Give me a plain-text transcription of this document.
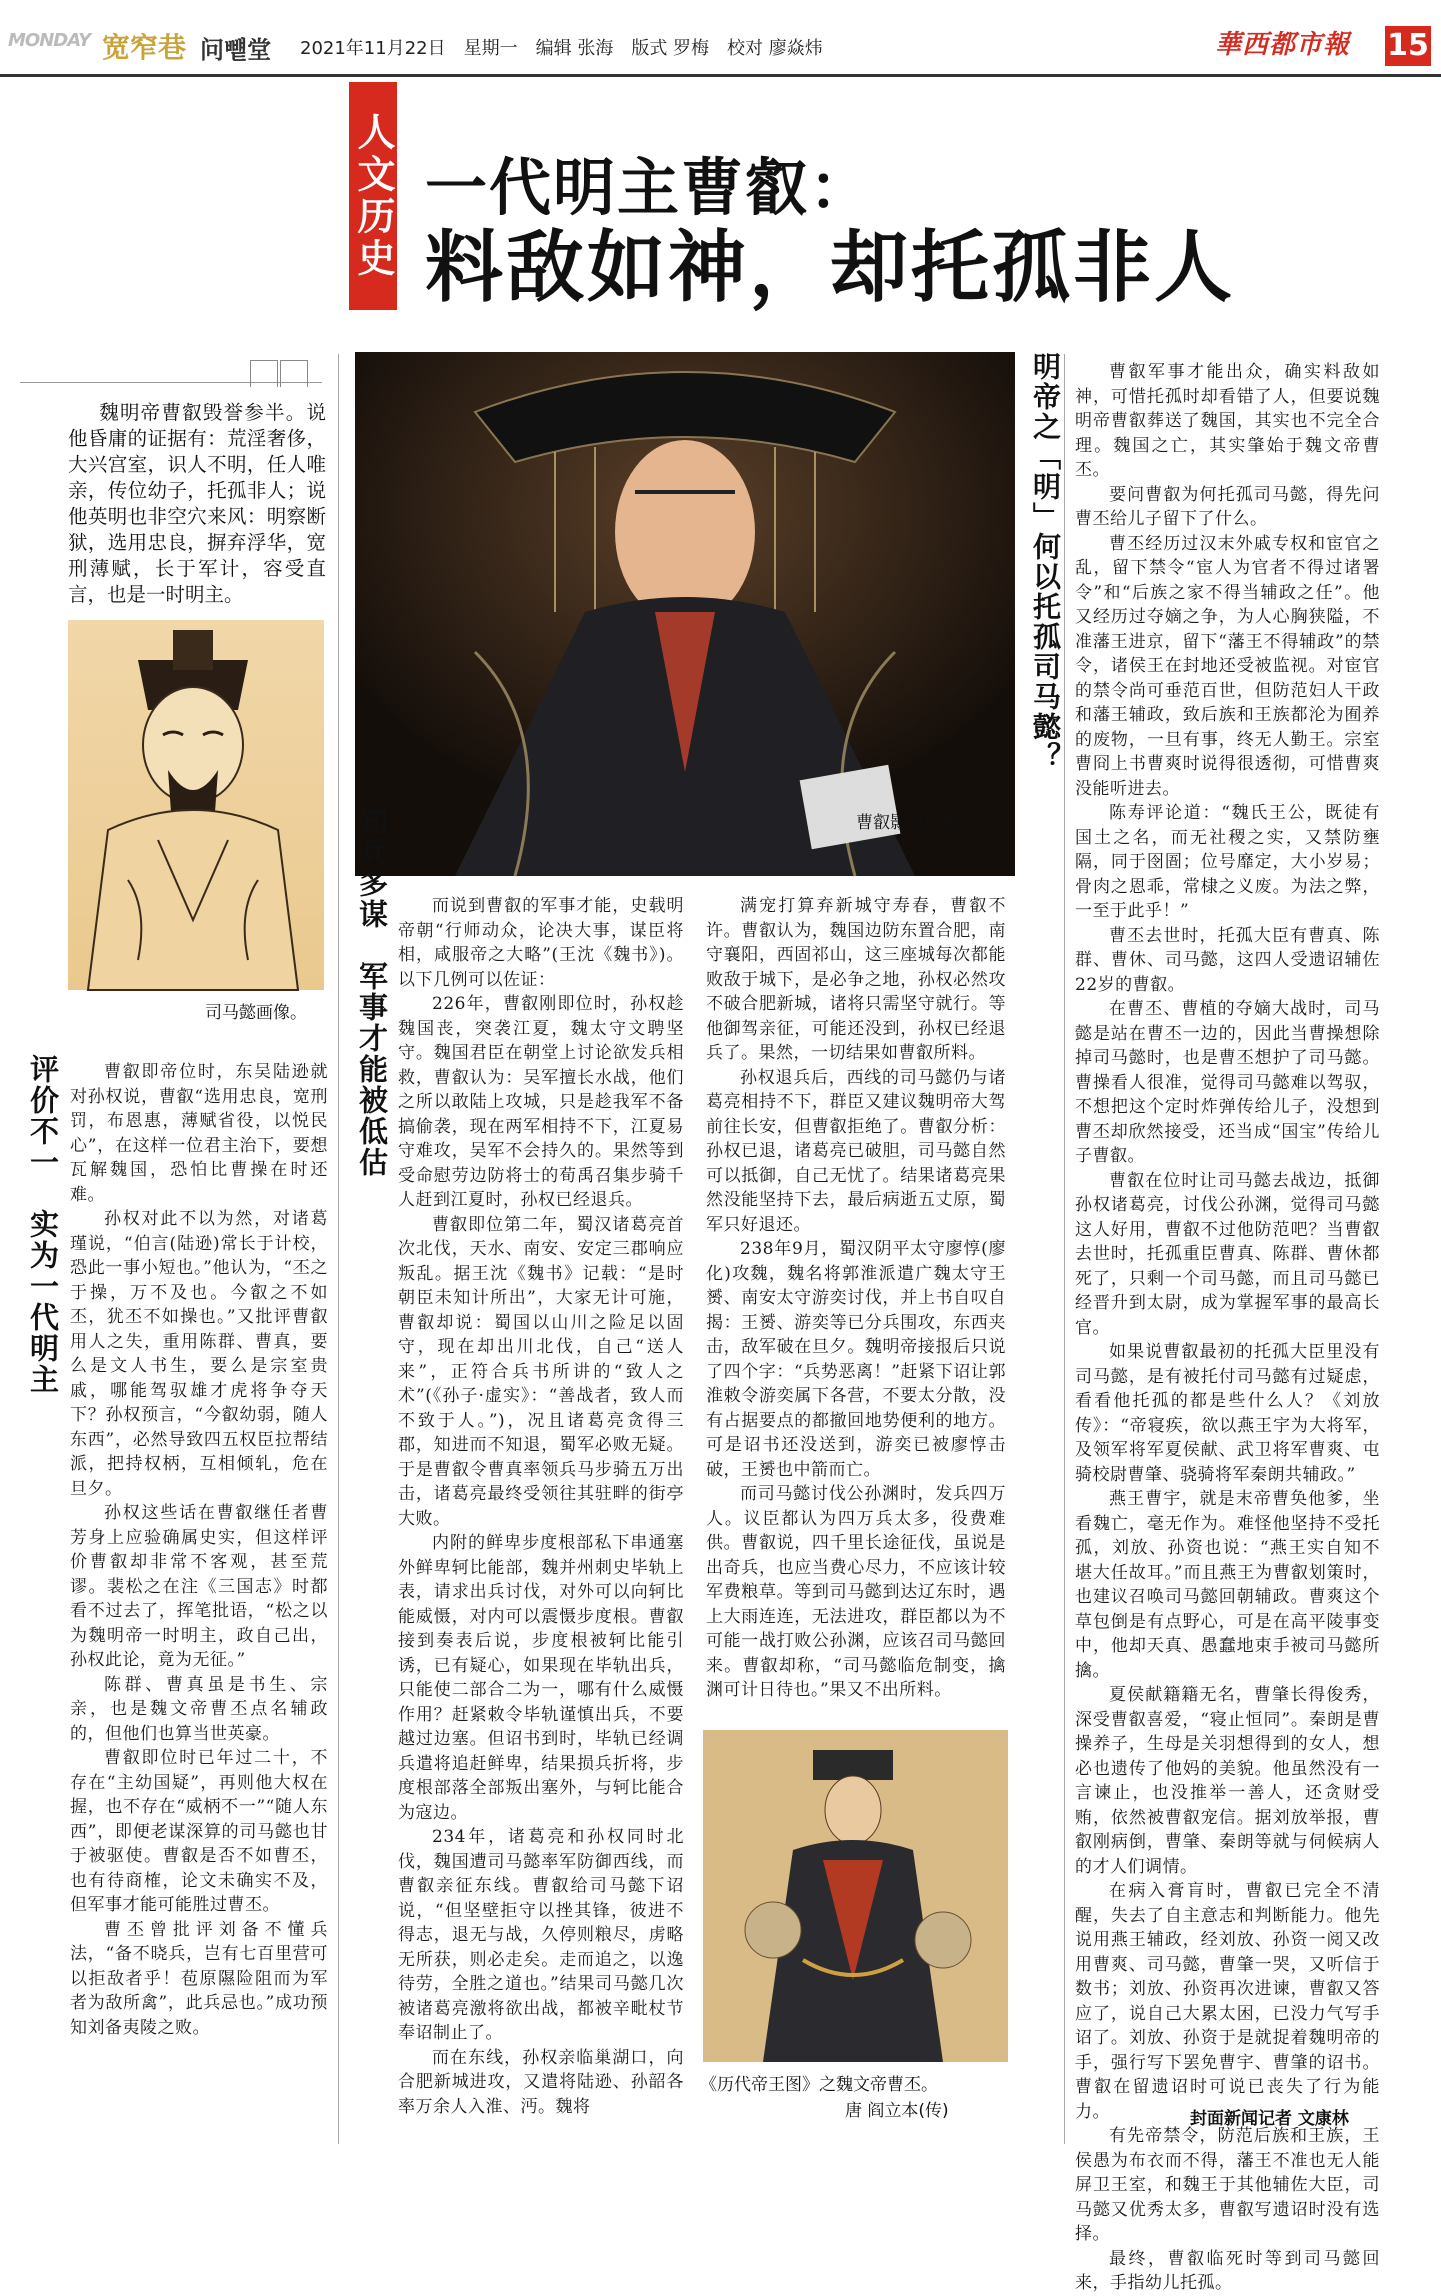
MONDAY 宽窄巷 问뻍堂 2021年11月22日　星期一　编辑 张海　版式 罗梅　校对 廖焱炜	華西都市報	15
人文历史 一代明主曹叡：
料敌如神，却托孤非人
魏明帝曹叡毁誉参半。说他昏庸的证据有：荒淫奢侈，大兴宫室，识人不明，任人唯亲，传位幼子，托孤非人；说他英明也非空穴来风：明察断狱，选用忠良，摒弃浮华，宽刑薄赋，长于军计，容受直言，也是一时明主。
司马懿画像。
曹叡影视形象。
评价不一　实为一代明主
知兵多谋　军事才能被低估
明帝之「明」何以托孤司马懿？

曹叡即帝位时，东吴陆逊就对孙权说，曹叡“选用忠良，宽刑罚，布恩惠，薄赋省役，以悦民心”，在这样一位君主治下，要想瓦解魏国，恐怕比曹操在时还难。

孙权对此不以为然，对诸葛瑾说，“伯言(陆逊)常长于计校，恐此一事小短也。”他认为，“丕之于操，万不及也。今叡之不如丕，犹丕不如操也。”又批评曹叡用人之失，重用陈群、曹真，要么是文人书生，要么是宗室贵戚，哪能驾驭雄才虎将争夺天下？孙权预言，“今叡幼弱，随人东西”，必然导致四五权臣拉帮结派，把持权柄，互相倾轧，危在旦夕。

孙权这些话在曹叡继任者曹芳身上应验确属史实，但这样评价曹叡却非常不客观，甚至荒谬。裴松之在注《三国志》时都看不过去了，挥笔批语，“松之以为魏明帝一时明主，政自己出，孙权此论，竟为无征。”

陈群、曹真虽是书生、宗亲，也是魏文帝曹丕点名辅政的，但他们也算当世英豪。

曹叡即位时已年过二十，不存在“主幼国疑”，再则他大权在握，也不存在“威柄不一”“随人东西”，即便老谋深算的司马懿也甘于被驱使。曹叡是否不如曹丕，也有待商榷，论文未确实不及，但军事才能可能胜过曹丕。

曹丕曾批评刘备不懂兵法，“备不晓兵，岂有七百里营可以拒敌者乎！苞原隰险阻而为军者为敌所禽”，此兵忌也。”成功预知刘备夷陵之败。

而说到曹叡的军事才能，史载明帝朝“行师动众，论决大事，谋臣将相，咸服帝之大略”(王沈《魏书》)。以下几例可以佐证：

226年，曹叡刚即位时，孙权趁魏国丧，突袭江夏，魏太守文聘坚守。魏国君臣在朝堂上讨论欲发兵相救，曹叡认为：吴军擅长水战，他们之所以敢陆上攻城，只是趁我军不备搞偷袭，现在两军相持不下，江夏易守难攻，吴军不会持久的。果然等到受命慰劳边防将士的荀禹召集步骑千人赶到江夏时，孙权已经退兵。

曹叡即位第二年，蜀汉诸葛亮首次北伐，天水、南安、安定三郡响应叛乱。据王沈《魏书》记载：“是时朝臣未知计所出”，大家无计可施，曹叡却说：蜀国以山川之险足以固守，现在却出川北伐，自己“送人来”，正符合兵书所讲的“致人之术”(《孙子·虚实》：“善战者，致人而不致于人。”)，况且诸葛亮贪得三郡，知进而不知退，蜀军必败无疑。于是曹叡令曹真率领兵马步骑五万出击，诸葛亮最终受领往其驻畔的街亭大败。

内附的鲜卑步度根部私下串通塞外鲜卑轲比能部，魏并州刺史毕轨上表，请求出兵讨伐，对外可以向轲比能威慑，对内可以震慑步度根。曹叡接到奏表后说，步度根被轲比能引诱，已有疑心，如果现在毕轨出兵，只能使二部合二为一，哪有什么威慑作用？赶紧敕令毕轨谨慎出兵，不要越过边塞。但诏书到时，毕轨已经调兵遣将追赶鲜卑，结果损兵折将，步度根部落全部叛出塞外，与轲比能合为寇边。

234年，诸葛亮和孙权同时北伐，魏国遭司马懿率军防御西线，而曹叡亲征东线。曹叡给司马懿下诏说，“但坚壁拒守以挫其锋，彼进不得志，退无与战，久停则粮尽，虏略无所获，则必走矣。走而追之，以逸待劳，全胜之道也。”结果司马懿几次被诸葛亮激将欲出战，都被辛毗杖节奉诏制止了。

而在东线，孙权亲临巢湖口，向合肥新城进攻，又遣将陆逊、孙韶各率万余人入淮、沔。魏将

满宠打算弃新城守寿春，曹叡不许。曹叡认为，魏国边防东置合肥，南守襄阳，西固祁山，这三座城每次都能败敌于城下，是必争之地，孙权必然攻不破合肥新城，诸将只需坚守就行。等他御驾亲征，可能还没到，孙权已经退兵了。果然，一切结果如曹叡所料。

孙权退兵后，西线的司马懿仍与诸葛亮相持不下，群臣又建议魏明帝大驾前往长安，但曹叡拒绝了。曹叡分析：孙权已退，诸葛亮已破胆，司马懿自然可以抵御，自己无忧了。结果诸葛亮果然没能坚持下去，最后病逝五丈原，蜀军只好退还。

238年9月，蜀汉阴平太守廖惇(廖化)攻魏，魏名将郭淮派遣广魏太守王赟、南安太守游奕讨伐，并上书自叹自揭：王赟、游奕等已分兵围攻，东西夹击，敌军破在旦夕。魏明帝接报后只说了四个字：“兵势恶离！”赶紧下诏让郭淮敕令游奕属下各营，不要太分散，没有占据要点的都撤回地势便利的地方。可是诏书还没送到，游奕已被廖惇击破，王赟也中箭而亡。

而司马懿讨伐公孙渊时，发兵四万人。议臣都认为四万兵太多，役费难供。曹叡说，四千里长途征伐，虽说是出奇兵，也应当费心尽力，不应该计较军费粮草。等到司马懿到达辽东时，遇上大雨连连，无法进攻，群臣都以为不可能一战打败公孙渊，应该召司马懿回来。曹叡却称，“司马懿临危制变，擒渊可计日待也。”果又不出所料。

《历代帝王图》之魏文帝曹丕。
唐 阎立本(传)

曹叡军事才能出众，确实料敌如神，可惜托孤时却看错了人，但要说魏明帝曹叡葬送了魏国，其实也不完全合理。魏国之亡，其实肇始于魏文帝曹丕。

要问曹叡为何托孤司马懿，得先问曹丕给儿子留下了什么。

曹丕经历过汉末外戚专权和宦官之乱，留下禁令“宦人为官者不得过诸署令”和“后族之家不得当辅政之任”。他又经历过夺嫡之争，为人心胸狭隘，不准藩王进京，留下“藩王不得辅政”的禁令，诸侯王在封地还受被监视。对宦官的禁令尚可垂范百世，但防范妇人干政和藩王辅政，致后族和王族都沦为囿养的废物，一旦有事，终无人勤王。宗室曹冏上书曹爽时说得很透彻，可惜曹爽没能听进去。

陈寿评论道：“魏氏王公，既徒有国土之名，而无社稷之实，又禁防壅隔，同于囹圄；位号靡定，大小岁易；骨肉之恩乖，常棣之义废。为法之弊，一至于此乎！”

曹丕去世时，托孤大臣有曹真、陈群、曹休、司马懿，这四人受遗诏辅佐22岁的曹叡。

在曹丕、曹植的夺嫡大战时，司马懿是站在曹丕一边的，因此当曹操想除掉司马懿时，也是曹丕想护了司马懿。曹操看人很准，觉得司马懿难以驾驭，不想把这个定时炸弹传给儿子，没想到曹丕却欣然接受，还当成“国宝”传给儿子曹叡。

曹叡在位时让司马懿去战边，抵御孙权诸葛亮，讨伐公孙渊，觉得司马懿这人好用，曹叡不过他防范吧？当曹叡去世时，托孤重臣曹真、陈群、曹休都死了，只剩一个司马懿，而且司马懿已经晋升到太尉，成为掌握军事的最高长官。

如果说曹叡最初的托孤大臣里没有司马懿，是有被托付司马懿有过疑虑，看看他托孤的都是些什么人？《刘放传》：“帝寝疾，欲以燕王宇为大将军，及领军将军夏侯献、武卫将军曹爽、屯骑校尉曹肇、骁骑将军秦朗共辅政。”

燕王曹宇，就是末帝曹奂他爹，坐看魏亡，毫无作为。难怪他坚持不受托孤，刘放、孙资也说：“燕王实自知不堪大任故耳。”而且燕王为曹叡划策时，也建议召唤司马懿回朝辅政。曹爽这个草包倒是有点野心，可是在高平陵事变中，他却天真、愚蠢地束手被司马懿所擒。

夏侯献籍籍无名，曹肇长得俊秀，深受曹叡喜爱，“寝止恒同”。秦朗是曹操养子，生母是关羽想得到的女人，想必也遗传了他妈的美貌。他虽然没有一言谏止，也没推举一善人，还贪财受贿，依然被曹叡宠信。据刘放举报，曹叡刚病倒，曹肇、秦朗等就与伺候病人的才人们调情。

在病入膏肓时，曹叡已完全不清醒，失去了自主意志和判断能力。他先说用燕王辅政，经刘放、孙资一阅又改用曹爽、司马懿，曹肇一哭，又听信于数书；刘放、孙资再次进谏，曹叡又答应了，说自己大累太困，已没力气写手诏了。刘放、孙资于是就捉着魏明帝的手，强行写下罢免曹宇、曹肇的诏书。曹叡在留遗诏时可说已丧失了行为能力。

有先帝禁令，防范后族和王族，王侯愚为布衣而不得，藩王不准也无人能屏卫王室，和魏王于其他辅佐大臣，司马懿又优秀太多，曹叡写遗诏时没有选择。

最终，曹叡临死时等到司马懿回来，手指幼儿托孤。

封面新闻记者 文康林
